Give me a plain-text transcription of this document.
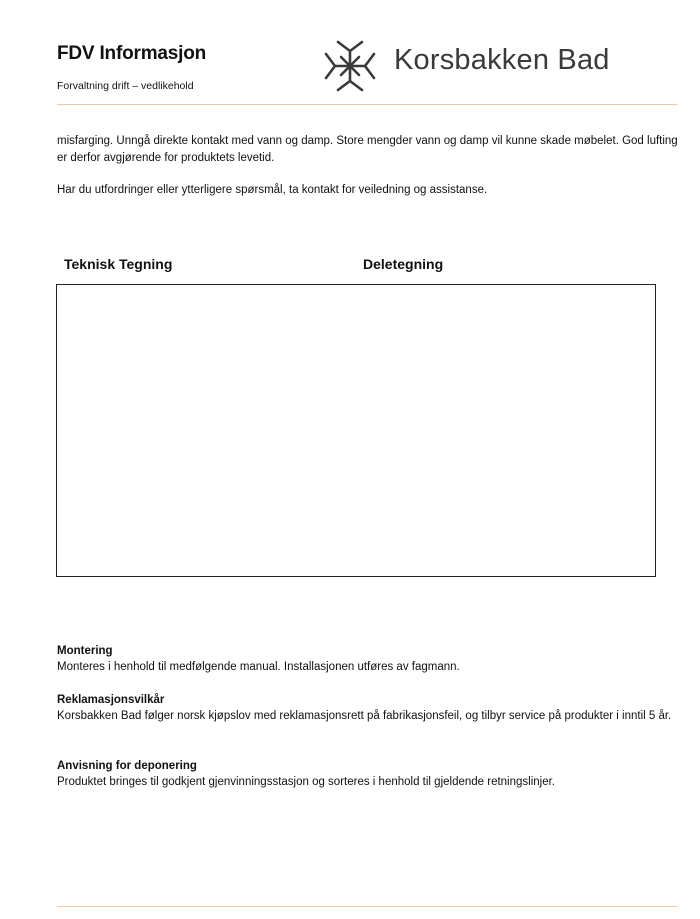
FDV Informasjon
Forvaltning drift – vedlikehold
Korsbakken Bad
misfarging. Unngå direkte kontakt med vann og damp. Store mengder vann og damp vil kunne skade møbelet. God lufting er derfor avgjørende for produktets levetid.
Har du utfordringer eller ytterligere spørsmål, ta kontakt for veiledning og assistanse.
Teknisk Tegning	Deletegning
Montering

Monteres i henhold til medfølgende manual. Installasjonen utføres av fagmann.

Reklamasjonsvilkår

Korsbakken Bad følger norsk kjøpslov med reklamasjonsrett på fabrikasjonsfeil, og tilbyr service på produkter i inntil 5 år.

Anvisning for deponering

Produktet bringes til godkjent gjenvinningsstasjon og sorteres i henhold til gjeldende retningslinjer.
